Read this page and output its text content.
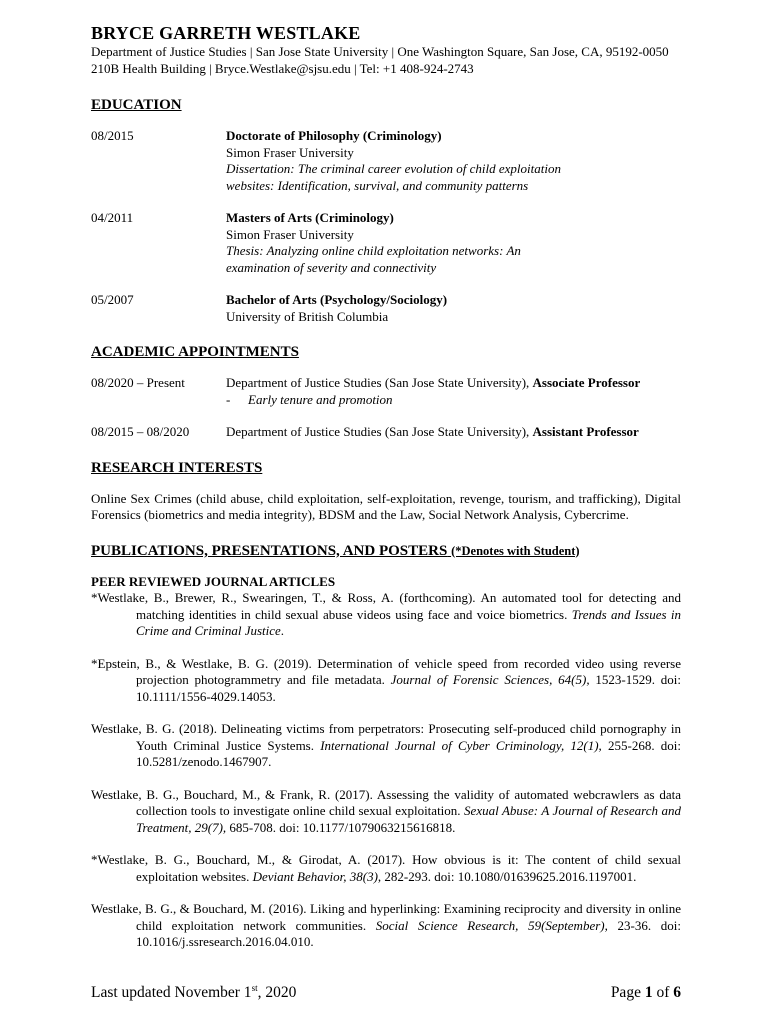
BRYCE GARRETH WESTLAKE
Department of Justice Studies | San Jose State University | One Washington Square, San Jose, CA, 95192-0050
210B Health Building | Bryce.Westlake@sjsu.edu | Tel: +1 408-924-2743
EDUCATION
08/2015	Doctorate of Philosophy (Criminology)
Simon Fraser University
Dissertation: The criminal career evolution of child exploitation
websites: Identification, survival, and community patterns
04/2011	Masters of Arts (Criminology)
Simon Fraser University
Thesis: Analyzing online child exploitation networks: An
examination of severity and connectivity
05/2007	Bachelor of Arts (Psychology/Sociology)
University of British Columbia
ACADEMIC APPOINTMENTS
08/2020 – Present	Department of Justice Studies (San Jose State University), Associate Professor
- Early tenure and promotion
08/2015 – 08/2020	Department of Justice Studies (San Jose State University), Assistant Professor
RESEARCH INTERESTS
Online Sex Crimes (child abuse, child exploitation, self-exploitation, revenge, tourism, and trafficking), Digital Forensics (biometrics and media integrity), BDSM and the Law, Social Network Analysis, Cybercrime.
PUBLICATIONS, PRESENTATIONS, AND POSTERS (*Denotes with Student)
PEER REVIEWED JOURNAL ARTICLES
*Westlake, B., Brewer, R., Swearingen, T., & Ross, A. (forthcoming). An automated tool for detecting and matching identities in child sexual abuse videos using face and voice biometrics. Trends and Issues in Crime and Criminal Justice.
*Epstein, B., & Westlake, B. G. (2019). Determination of vehicle speed from recorded video using reverse projection photogrammetry and file metadata. Journal of Forensic Sciences, 64(5), 1523-1529. doi: 10.1111/1556-4029.14053.
Westlake, B. G. (2018). Delineating victims from perpetrators: Prosecuting self-produced child pornography in Youth Criminal Justice Systems. International Journal of Cyber Criminology, 12(1), 255-268. doi: 10.5281/zenodo.1467907.
Westlake, B. G., Bouchard, M., & Frank, R. (2017). Assessing the validity of automated webcrawlers as data collection tools to investigate online child sexual exploitation. Sexual Abuse: A Journal of Research and Treatment, 29(7), 685-708. doi: 10.1177/1079063215616818.
*Westlake, B. G., Bouchard, M., & Girodat, A. (2017). How obvious is it: The content of child sexual exploitation websites. Deviant Behavior, 38(3), 282-293. doi: 10.1080/01639625.2016.1197001.
Westlake, B. G., & Bouchard, M. (2016). Liking and hyperlinking: Examining reciprocity and diversity in online child exploitation network communities. Social Science Research, 59(September), 23-36. doi: 10.1016/j.ssresearch.2016.04.010.
Last updated November 1st, 2020	Page 1 of 6
